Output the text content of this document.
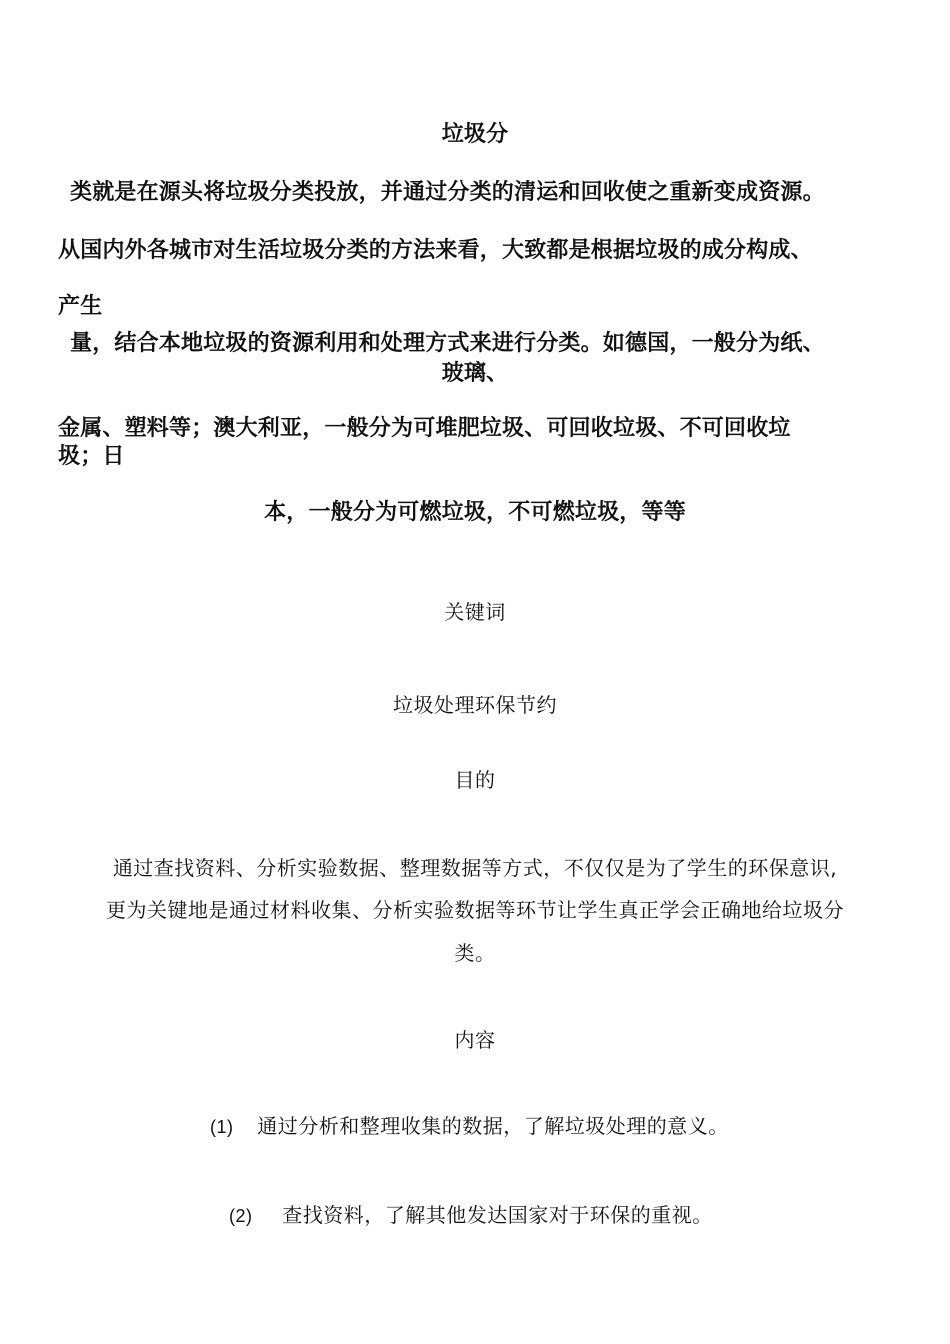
垃圾分
类就是在源头将垃圾分类投放，并通过分类的清运和回收使之重新变成资源。
从国内外各城市对生活垃圾分类的方法来看，大致都是根据垃圾的成分构成、
产生
量，结合本地垃圾的资源利用和处理方式来进行分类。如德国，一般分为纸、
玻璃、
金属、塑料等；澳大利亚，一般分为可堆肥垃圾、可回收垃圾、不可回收垃
圾；日
本，一般分为可燃垃圾，不可燃垃圾，等等
关键词
垃圾处理环保节约
目的
通过查找资料、分析实验数据、整理数据等方式，不仅仅是为了学生的环保意识,
更为关键地是通过材料收集、分析实验数据等环节让学生真正学会正确地给垃圾分
类。
内容
(1) 通过分析和整理收集的数据，了解垃圾处理的意义。
(2) 查找资料，了解其他发达国家对于环保的重视。
